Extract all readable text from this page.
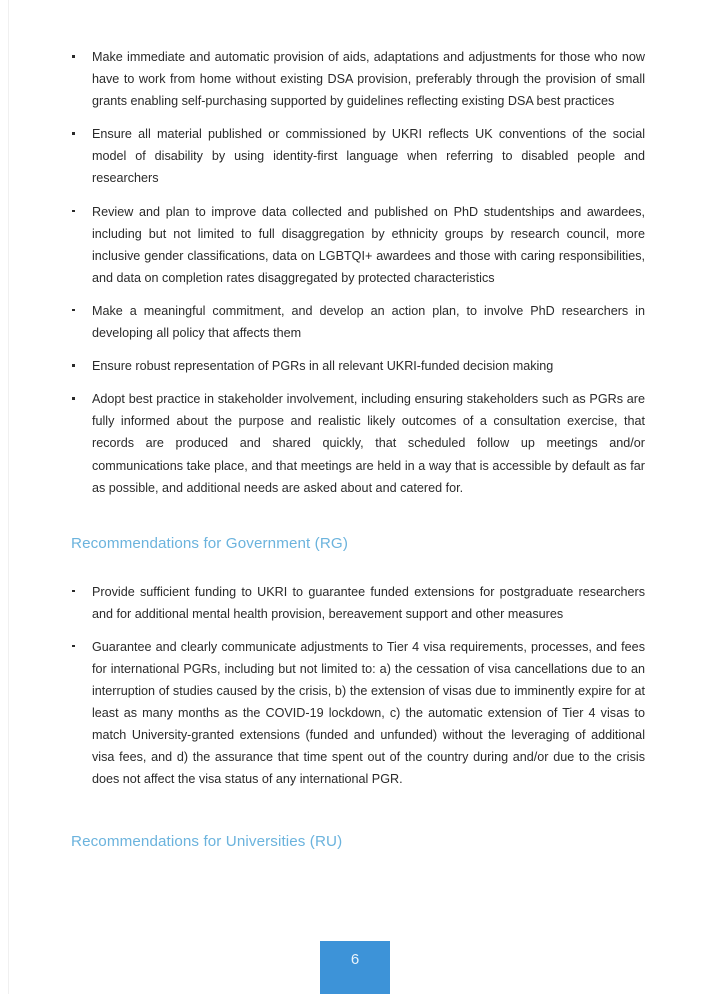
Make immediate and automatic provision of aids, adaptations and adjustments for those who now have to work from home without existing DSA provision, preferably through the provision of small grants enabling self-purchasing supported by guidelines reflecting existing DSA best practices
Ensure all material published or commissioned by UKRI reflects UK conventions of the social model of disability by using identity-first language when referring to disabled people and researchers
Review and plan to improve data collected and published on PhD studentships and awardees, including but not limited to full disaggregation by ethnicity groups by research council, more inclusive gender classifications, data on LGBTQI+ awardees and those with caring responsibilities, and data on completion rates disaggregated by protected characteristics
Make a meaningful commitment, and develop an action plan, to involve PhD researchers in developing all policy that affects them
Ensure robust representation of PGRs in all relevant UKRI-funded decision making
Adopt best practice in stakeholder involvement, including ensuring stakeholders such as PGRs are fully informed about the purpose and realistic likely outcomes of a consultation exercise, that records are produced and shared quickly, that scheduled follow up meetings and/or communications take place, and that meetings are held in a way that is accessible by default as far as possible, and additional needs are asked about and catered for.
Recommendations for Government (RG)
Provide sufficient funding to UKRI to guarantee funded extensions for postgraduate researchers and for additional mental health provision, bereavement support and other measures
Guarantee and clearly communicate adjustments to Tier 4 visa requirements, processes, and fees for international PGRs, including but not limited to: a) the cessation of visa cancellations due to an interruption of studies caused by the crisis, b) the extension of visas due to imminently expire for at least as many months as the COVID-19 lockdown, c) the automatic extension of Tier 4 visas to match University-granted extensions (funded and unfunded) without the leveraging of additional visa fees, and d) the assurance that time spent out of the country during and/or due to the crisis does not affect the visa status of any international PGR.
Recommendations for Universities (RU)
6
